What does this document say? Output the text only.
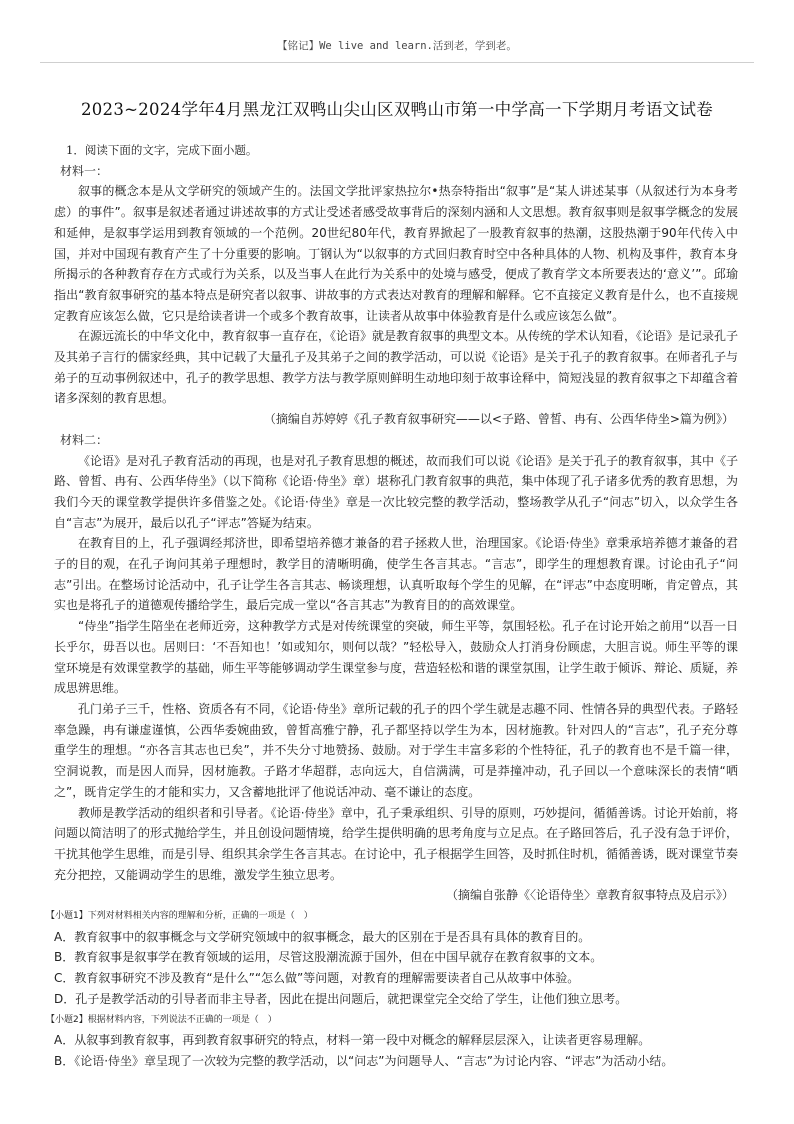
【铭记】We live and learn.活到老，学到老。
2023~2024学年4月黑龙江双鸭山尖山区双鸭山市第一中学高一下学期月考语文试卷

1．阅读下面的文字，完成下面小题。

材料一：

叙事的概念本是从文学研究的领域产生的。法国文学批评家热拉尔•热奈特指出“叙事”是“某人讲述某事（从叙述行为本身考虑）的事件”。叙事是叙述者通过讲述故事的方式让受述者感受故事背后的深刻内涵和人文思想。教育叙事则是叙事学概念的发展和延伸，是叙事学运用到教育领域的一个范例。20世纪80年代，教育界掀起了一股教育叙事的热潮，这股热潮于90年代传入中国，并对中国现有教育产生了十分重要的影响。丁钢认为“以叙事的方式回归教育时空中各种具体的人物、机构及事件，教育本身所揭示的各种教育存在方式或行为关系，以及当事人在此行为关系中的处境与感受，便成了教育学文本所要表达的‘意义’”。邱瑜指出“教育叙事研究的基本特点是研究者以叙事、讲故事的方式表达对教育的理解和解释。它不直接定义教育是什么，也不直接规定教育应该怎么做，它只是给读者讲一个或多个教育故事，让读者从故事中体验教育是什么或应该怎么做”。

在源远流长的中华文化中，教育叙事一直存在，《论语》就是教育叙事的典型文本。从传统的学术认知看，《论语》是记录孔子及其弟子言行的儒家经典，其中记载了大量孔子及其弟子之间的教学活动，可以说《论语》是关于孔子的教育叙事。在师者孔子与弟子的互动事例叙述中，孔子的教学思想、教学方法与教学原则鲜明生动地印刻于故事诠释中，简短浅显的教育叙事之下却蕴含着诸多深刻的教育思想。

（摘编自苏婷婷《孔子教育叙事研究——以<子路、曾皙、冉有、公西华侍坐>篇为例》）

材料二：

《论语》是对孔子教育活动的再现，也是对孔子教育思想的概述，故而我们可以说《论语》是关于孔子的教育叙事，其中《子路、曾皙、冉有、公西华侍坐》（以下简称《论语·侍坐》章）堪称孔门教育叙事的典范，集中体现了孔子诸多优秀的教育思想，为我们今天的课堂教学提供许多借鉴之处。《论语·侍坐》章是一次比较完整的教学活动，整场教学从孔子“问志”切入，以众学生各自“言志”为展开，最后以孔子“评志”答疑为结束。

在教育目的上，孔子强调经邦济世，即希望培养德才兼备的君子拯救人世，治理国家。《论语·侍坐》章秉承培养德才兼备的君子的目的观，在孔子询问其弟子理想时，教学目的清晰明确，使学生各言其志。“言志”，即学生的理想教育课。讨论由孔子“问志”引出。在整场讨论活动中，孔子让学生各言其志、畅谈理想，认真听取每个学生的见解，在“评志”中态度明晰，肯定曾点，其实也是将孔子的道德观传播给学生，最后完成一堂以“各言其志”为教育目的的高效课堂。

“侍坐”指学生陪坐在老师近旁，这种教学方式是对传统课堂的突破，师生平等，氛围轻松。孔子在讨论开始之前用“以吾一日长乎尔，毋吾以也。居则曰：‘不吾知也！’如或知尔，则何以哉？”轻松导入，鼓励众人打消身份顾虑，大胆言说。师生平等的课堂环境是有效课堂教学的基础，师生平等能够调动学生课堂参与度，营造轻松和谐的课堂氛围，让学生敢于倾诉、辩论、质疑，养成思辨思维。

孔门弟子三千，性格、资质各有不同，《论语·侍坐》章所记载的孔子的四个学生就是志趣不同、性情各异的典型代表。子路轻率急躁，冉有谦虚谨慎，公西华委婉曲致，曾皙高雅宁静，孔子都坚持以学生为本，因材施教。针对四人的“言志”，孔子充分尊重学生的理想。“亦各言其志也已矣”，并不失分寸地赞扬、鼓励。对于学生丰富多彩的个性特征，孔子的教育也不是千篇一律，空洞说教，而是因人而异，因材施教。子路才华超群，志向远大，自信满满，可是莽撞冲动，孔子回以一个意味深长的表情“哂之”，既肯定学生的才能和实力，又含蓄地批评了他说话冲动、毫不谦让的态度。

教师是教学活动的组织者和引导者。《论语·侍坐》章中，孔子秉承组织、引导的原则，巧妙提问，循循善诱。讨论开始前，将问题以简洁明了的形式抛给学生，并且创设问题情境，给学生提供明确的思考角度与立足点。在子路回答后，孔子没有急于评价，干扰其他学生思维，而是引导、组织其余学生各言其志。在讨论中，孔子根据学生回答，及时抓住时机，循循善诱，既对课堂节奏充分把控，又能调动学生的思维，激发学生独立思考。

（摘编自张静《〈论语侍坐〉章教育叙事特点及启示》）

【小题1】下列对材料相关内容的理解和分析，正确的一项是（　）

A．教育叙事中的叙事概念与文学研究领域中的叙事概念，最大的区别在于是否具有具体的教育目的。

B．教育叙事是叙事学在教育领域的运用，尽管这股潮流源于国外，但在中国早就存在教育叙事的文本。

C．教育叙事研究不涉及教育“是什么”“怎么做”等问题，对教育的理解需要读者自己从故事中体验。

D．孔子是教学活动的引导者而非主导者，因此在提出问题后，就把课堂完全交给了学生，让他们独立思考。

【小题2】根据材料内容，下列说法不正确的一项是（　）

A．从叙事到教育叙事，再到教育叙事研究的特点，材料一第一段中对概念的解释层层深入，让读者更容易理解。

B．《论语·侍坐》章呈现了一次较为完整的教学活动，以“问志”为问题导人、“言志”为讨论内容、“评志”为活动小结。
